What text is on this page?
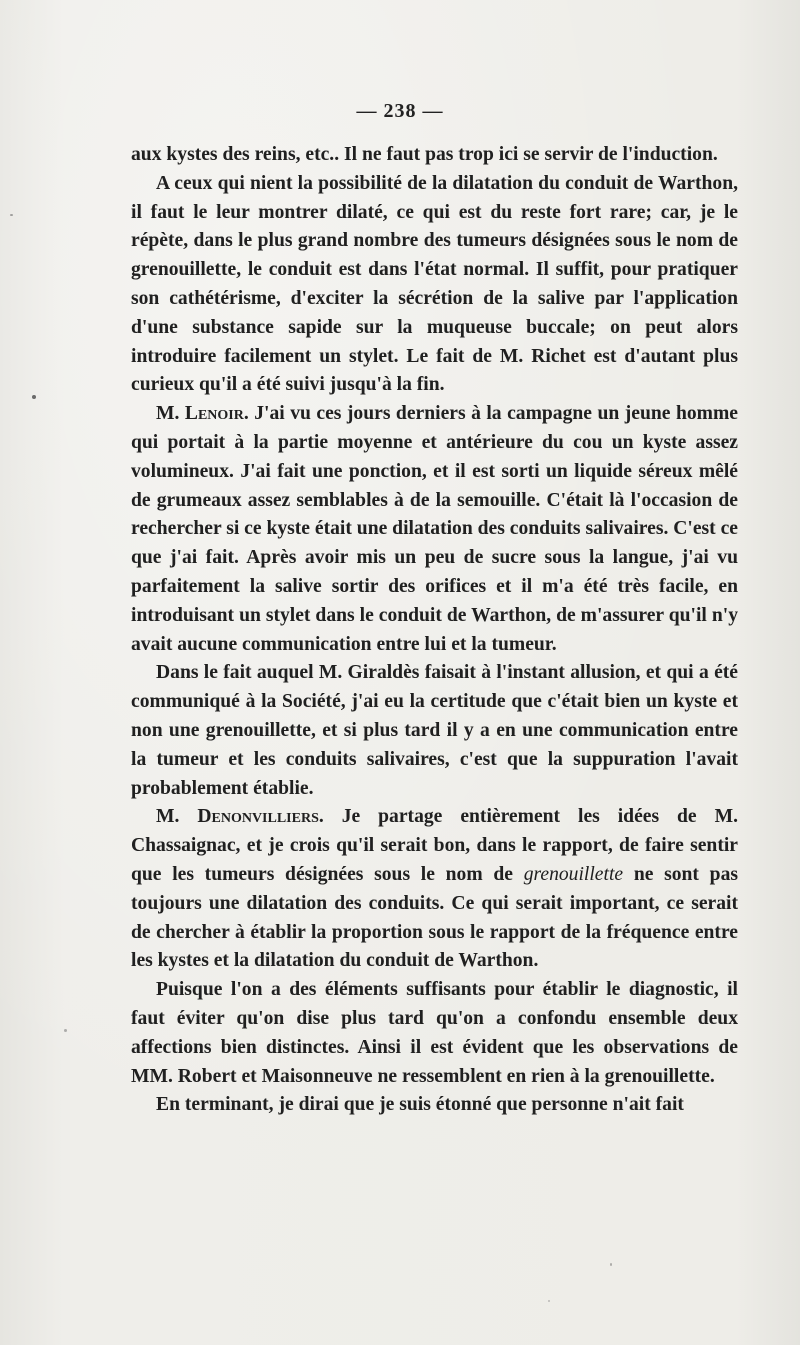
— 238 —

aux kystes des reins, etc.. Il ne faut pas trop ici se servir de l'induction.

A ceux qui nient la possibilité de la dilatation du conduit de Warthon, il faut le leur montrer dilaté, ce qui est du reste fort rare; car, je le répète, dans le plus grand nombre des tumeurs désignées sous le nom de grenouillette, le conduit est dans l'état normal. Il suffit, pour pratiquer son cathétérisme, d'exciter la sécrétion de la salive par l'application d'une substance sapide sur la muqueuse buccale; on peut alors introduire facilement un stylet. Le fait de M. Richet est d'autant plus curieux qu'il a été suivi jusqu'à la fin.

M. Lenoir. J'ai vu ces jours derniers à la campagne un jeune homme qui portait à la partie moyenne et antérieure du cou un kyste assez volumineux. J'ai fait une ponction, et il est sorti un liquide séreux mêlé de grumeaux assez semblables à de la semouille. C'était là l'occasion de rechercher si ce kyste était une dilatation des conduits salivaires. C'est ce que j'ai fait. Après avoir mis un peu de sucre sous la langue, j'ai vu parfaitement la salive sortir des orifices et il m'a été très facile, en introduisant un stylet dans le conduit de Warthon, de m'assurer qu'il n'y avait aucune communication entre lui et la tumeur.

Dans le fait auquel M. Giraldès faisait à l'instant allusion, et qui a été communiqué à la Société, j'ai eu la certitude que c'était bien un kyste et non une grenouillette, et si plus tard il y a en une communication entre la tumeur et les conduits salivaires, c'est que la suppuration l'avait probablement établie.

M. Denonvilliers. Je partage entièrement les idées de M. Chassaignac, et je crois qu'il serait bon, dans le rapport, de faire sentir que les tumeurs désignées sous le nom de grenouillette ne sont pas toujours une dilatation des conduits. Ce qui serait important, ce serait de chercher à établir la proportion sous le rapport de la fréquence entre les kystes et la dilatation du conduit de Warthon.

Puisque l'on a des éléments suffisants pour établir le diagnostic, il faut éviter qu'on dise plus tard qu'on a confondu ensemble deux affections bien distinctes. Ainsi il est évident que les observations de MM. Robert et Maisonneuve ne ressemblent en rien à la grenouillette.

En terminant, je dirai que je suis étonné que personne n'ait fait
